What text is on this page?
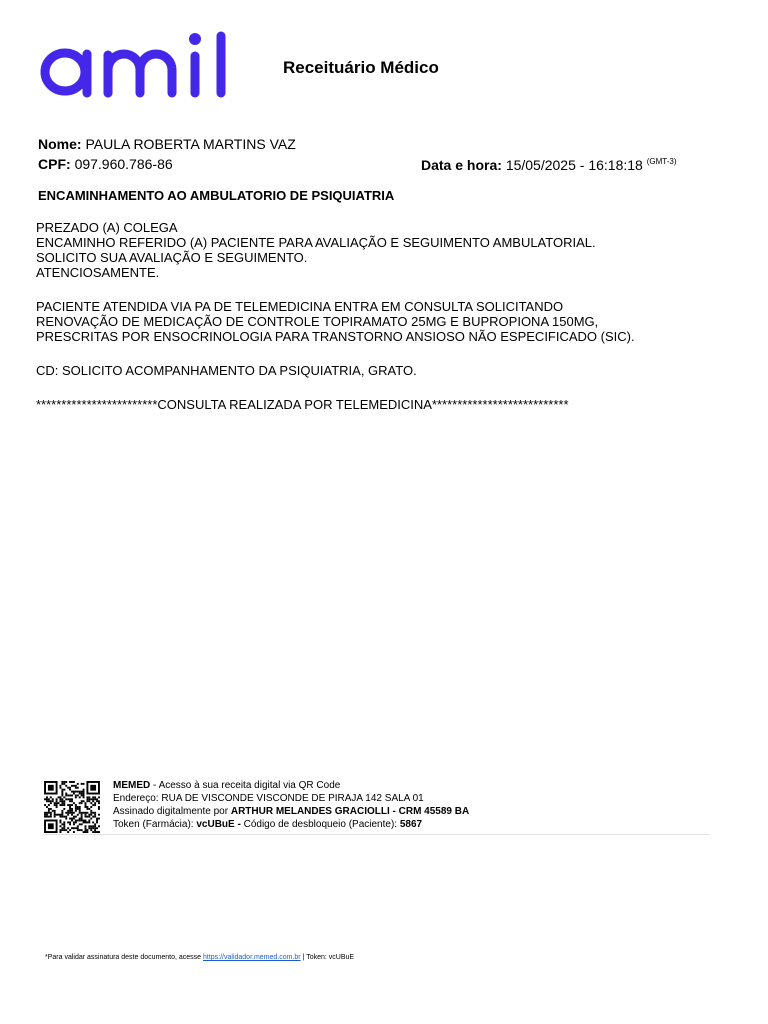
Receituário Médico
Nome: PAULA ROBERTA MARTINS VAZ
CPF: 097.960.786-86	Data e hora: 15/05/2025 - 16:18:18 $^{(GMT-3)}$
ENCAMINHAMENTO AO AMBULATORIO DE PSIQUIATRIA

PREZADO (A) COLEGA
ENCAMINHO REFERIDO (A) PACIENTE PARA AVALIAÇÃO E SEGUIMENTO AMBULATORIAL.
SOLICITO SUA AVALIAÇÃO E SEGUIMENTO.
ATENCIOSAMENTE.

PACIENTE ATENDIDA VIA PA DE TELEMEDICINA ENTRA EM CONSULTA SOLICITANDO
RENOVAÇÃO DE MEDICAÇÃO DE CONTROLE TOPIRAMATO 25MG E BUPROPIONA 150MG,
PRESCRITAS POR ENSOCRINOLOGIA PARA TRANSTORNO ANSIOSO NÃO ESPECIFICADO (SIC).

CD: SOLICITO ACOMPANHAMENTO DA PSIQUIATRIA, GRATO.

************************CONSULTA REALIZADA POR TELEMEDICINA***************************

MEMED - Acesso à sua receita digital via QR Code
Endereço: RUA DE VISCONDE VISCONDE DE PIRAJA 142 SALA 01
Assinado digitalmente por ARTHUR MELANDES GRACIOLLI - CRM 45589 BA
Token (Farmácia): vcUBuE - Código de desbloqueio (Paciente): 5867
*Para validar assinatura deste documento, acesse https://validador.memed.com.br | Token: vcUBuE
